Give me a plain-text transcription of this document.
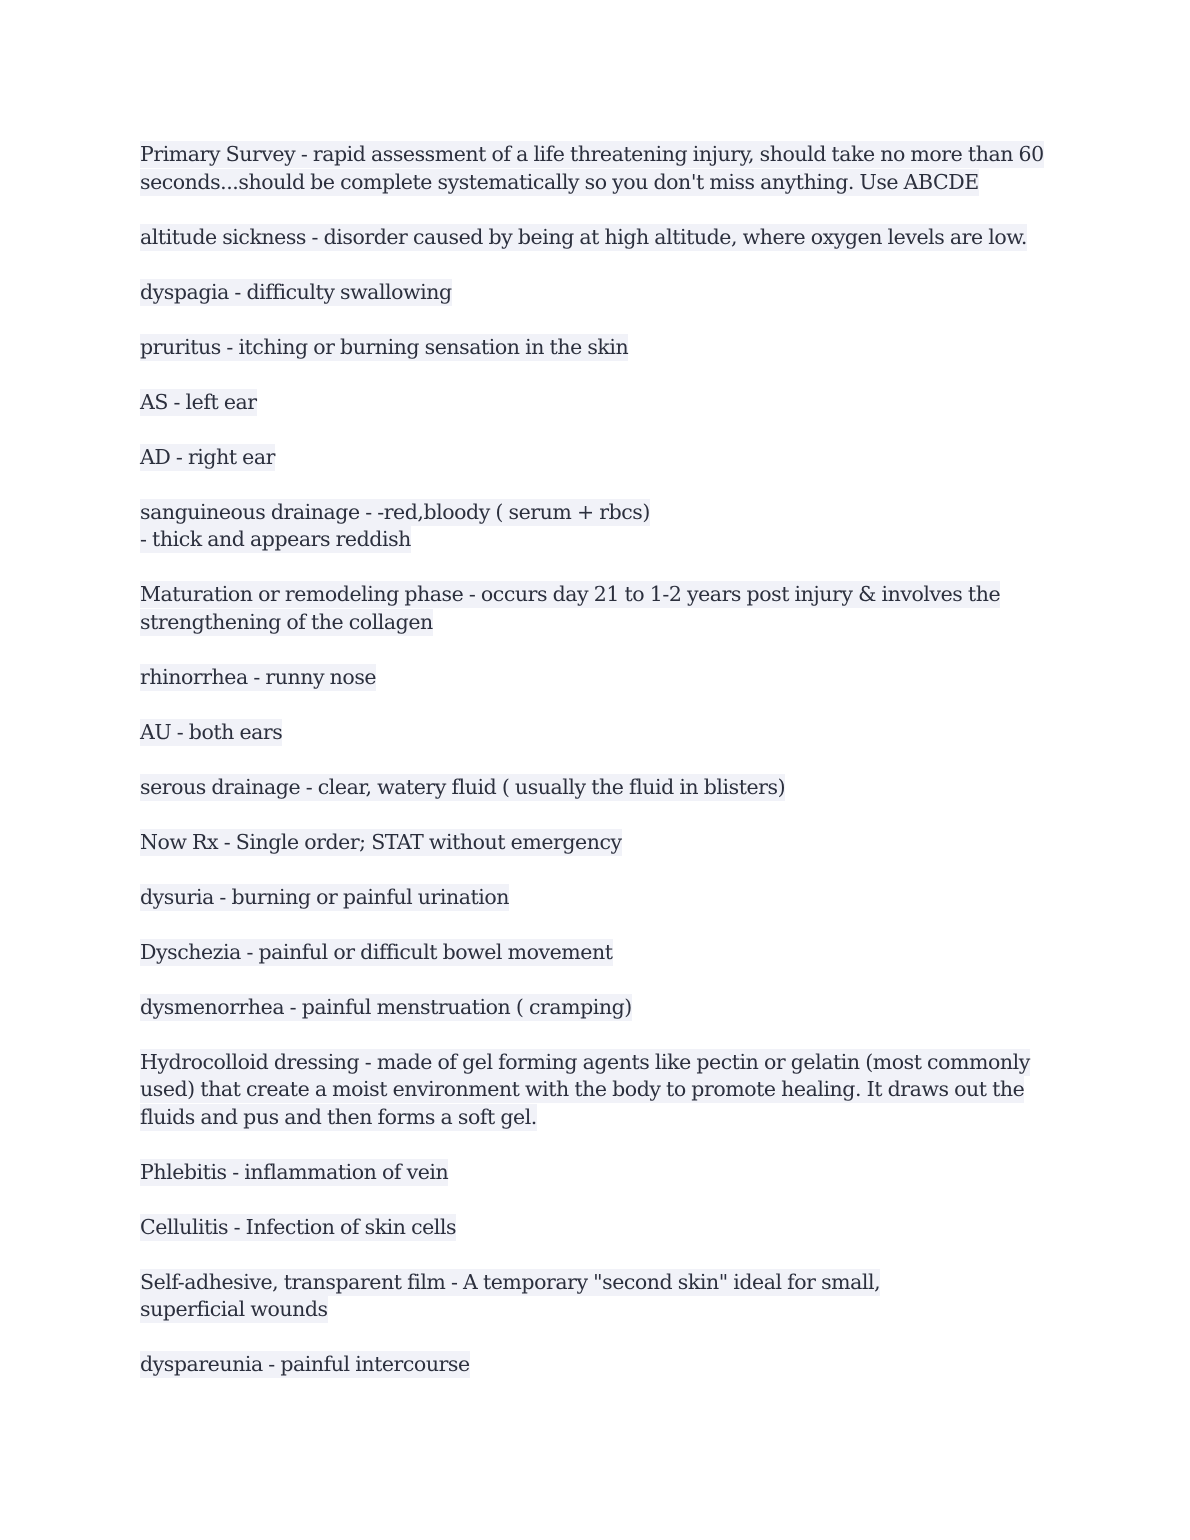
Primary Survey - rapid assessment of a life threatening injury, should take no more than 60
seconds...should be complete systematically so you don't miss anything. Use ABCDE
altitude sickness - disorder caused by being at high altitude, where oxygen levels are low.
dyspagia - difficulty swallowing
pruritus - itching or burning sensation in the skin
AS - left ear
AD - right ear
sanguineous drainage - -red,bloody ( serum + rbcs)
- thick and appears reddish
Maturation or remodeling phase - occurs day 21 to 1-2 years post injury & involves the
strengthening of the collagen
rhinorrhea - runny nose
AU - both ears
serous drainage - clear, watery fluid ( usually the fluid in blisters)
Now Rx - Single order; STAT without emergency
dysuria - burning or painful urination
Dyschezia - painful or difficult bowel movement
dysmenorrhea - painful menstruation ( cramping)
Hydrocolloid dressing - made of gel forming agents like pectin or gelatin (most commonly
used) that create a moist environment with the body to promote healing. It draws out the
fluids and pus and then forms a soft gel.
Phlebitis - inflammation of vein
Cellulitis - Infection of skin cells
Self-adhesive, transparent film - A temporary "second skin" ideal for small,
superficial wounds
dyspareunia - painful intercourse
